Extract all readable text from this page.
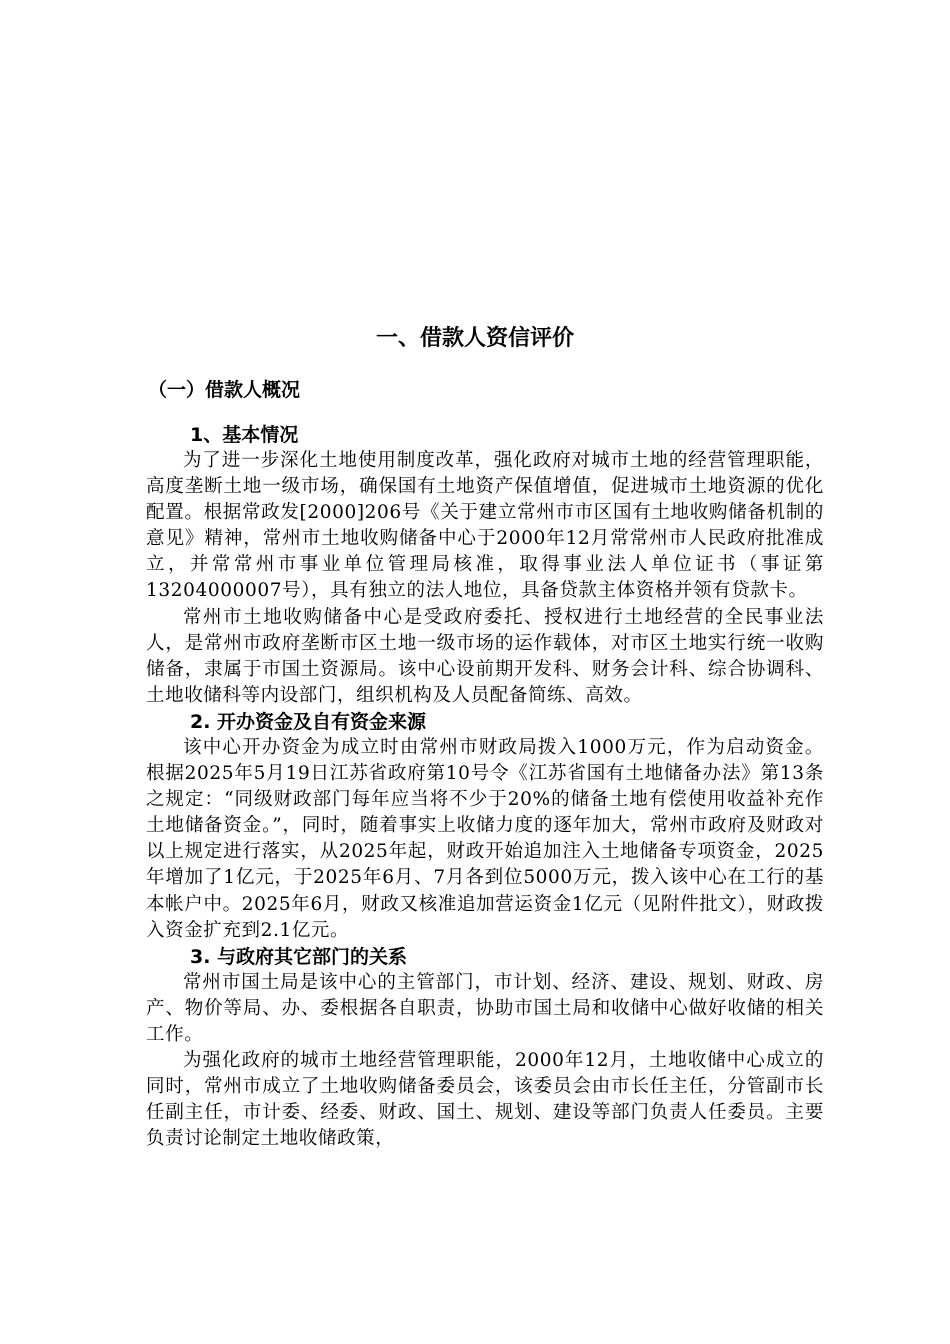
一、借款人资信评价
（一）借款人概况
1、基本情况

为了进一步深化土地使用制度改革，强化政府对城市土地的经营管理职能，高度垄断土地一级市场，确保国有土地资产保值增值，促进城市土地资源的优化配置。根据常政发[2000]206号《关于建立常州市市区国有土地收购储备机制的意见》精神，常州市土地收购储备中心于2000年12月常常州市人民政府批准成立，并常常州市事业单位管理局核准，取得事业法人单位证书（事证第13204000007号），具有独立的法人地位，具备贷款主体资格并领有贷款卡。

常州市土地收购储备中心是受政府委托、授权进行土地经营的全民事业法人，是常州市政府垄断市区土地一级市场的运作载体，对市区土地实行统一收购储备，隶属于市国土资源局。该中心设前期开发科、财务会计科、综合协调科、土地收储科等内设部门，组织机构及人员配备简练、高效。

2. 开办资金及自有资金来源

该中心开办资金为成立时由常州市财政局拨入1000万元，作为启动资金。根据2025年5月19日江苏省政府第10号令《江苏省国有土地储备办法》第13条之规定：“同级财政部门每年应当将不少于20%的储备土地有偿使用收益补充作土地储备资金。”，同时，随着事实上收储力度的逐年加大，常州市政府及财政对以上规定进行落实，从2025年起，财政开始追加注入土地储备专项资金，2025年增加了1亿元，于2025年6月、7月各到位5000万元，拨入该中心在工行的基本帐户中。2025年6月，财政又核准追加营运资金1亿元（见附件批文），财政拨入资金扩充到2.1亿元。

3. 与政府其它部门的关系

常州市国土局是该中心的主管部门，市计划、经济、建设、规划、财政、房产、物价等局、办、委根据各自职责，协助市国土局和收储中心做好收储的相关工作。

为强化政府的城市土地经营管理职能，2000年12月，土地收储中心成立的同时，常州市成立了土地收购储备委员会，该委员会由市长任主任，分管副市长任副主任，市计委、经委、财政、国土、规划、建设等部门负责人任委员。主要负责讨论制定土地收储政策，
